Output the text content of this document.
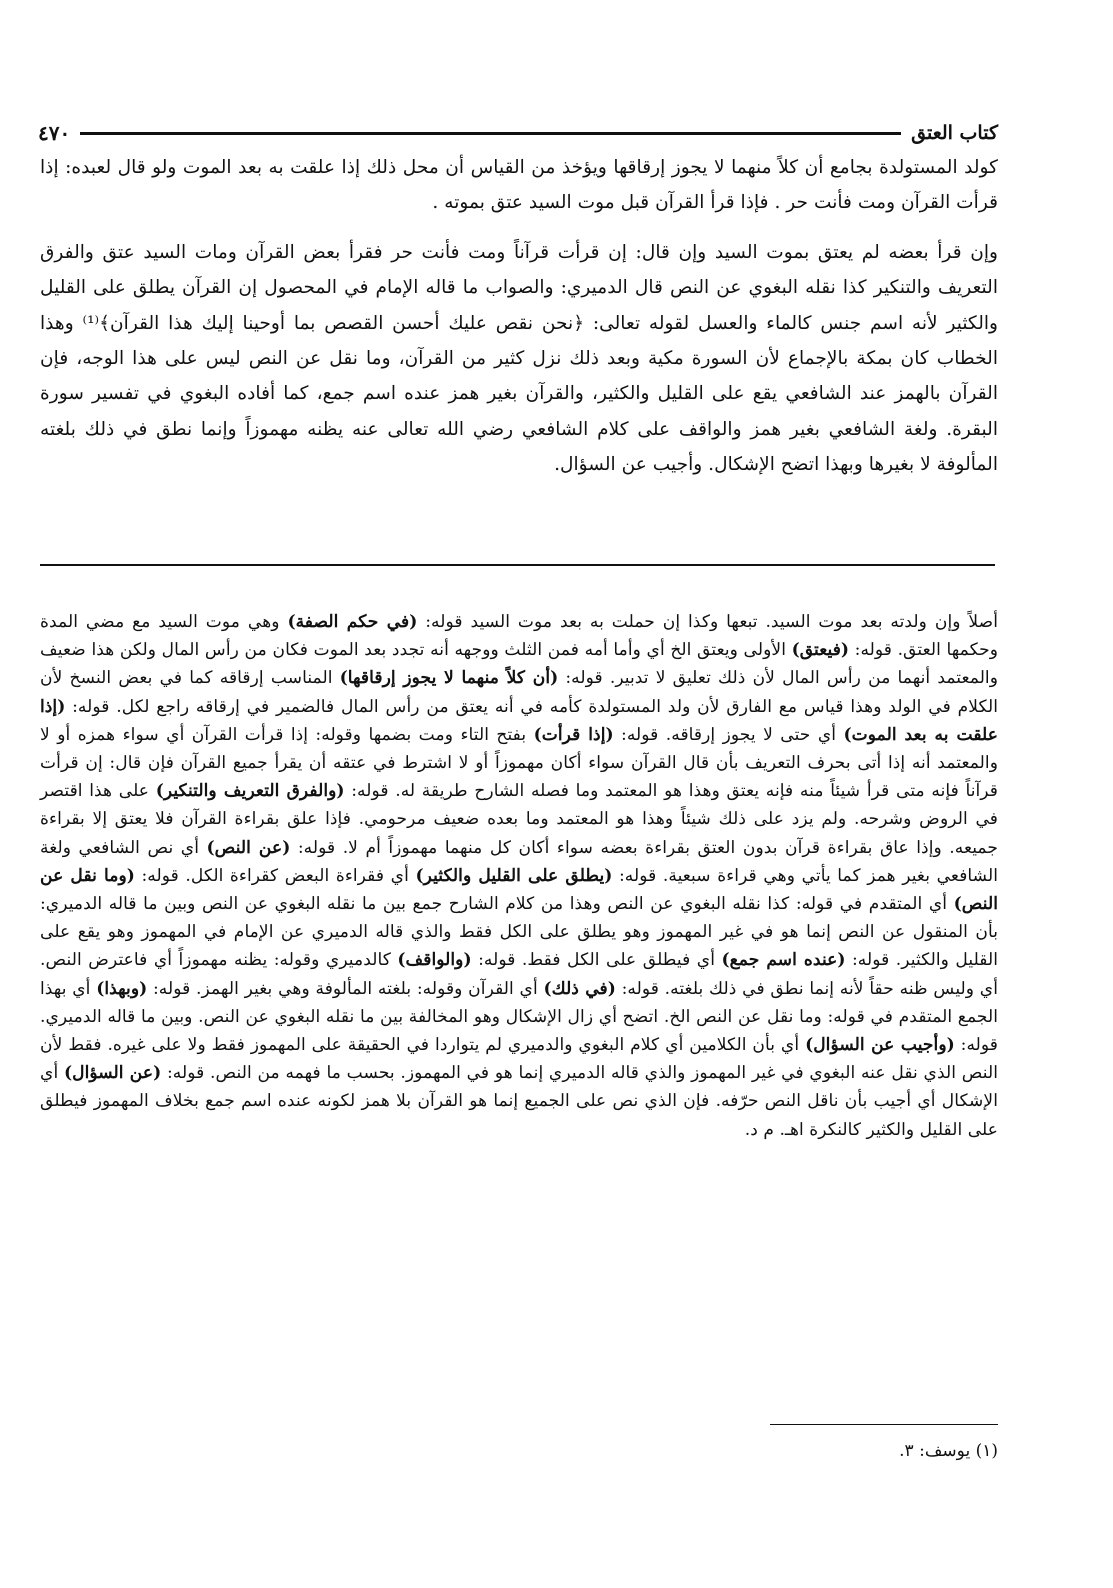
٤٧٠	كتاب العتق

كولد المستولدة بجامع أن كلاً منهما لا يجوز إرقاقها ويؤخذ من القياس أن محل ذلك إذا علقت به بعد الموت ولو قال لعبده: إذا قرأت القرآن ومت فأنت حر . فإذا قرأ القرآن قبل موت السيد عتق بموته .

وإن قرأ بعضه لم يعتق بموت السيد وإن قال: إن قرأت قرآناً ومت فأنت حر فقرأ بعض القرآن ومات السيد عتق والفرق التعريف والتنكير كذا نقله البغوي عن النص قال الدميري: والصواب ما قاله الإمام في المحصول إن القرآن يطلق على القليل والكثير لأنه اسم جنس كالماء والعسل لقوله تعالى: ﴿نحن نقص عليك أحسن القصص بما أوحينا إليك هذا القرآن﴾⁽¹⁾ وهذا الخطاب كان بمكة بالإجماع لأن السورة مكية وبعد ذلك نزل كثير من القرآن، وما نقل عن النص ليس على هذا الوجه، فإن القرآن بالهمز عند الشافعي يقع على القليل والكثير، والقرآن بغير همز عنده اسم جمع، كما أفاده البغوي في تفسير سورة البقرة. ولغة الشافعي بغير همز والواقف على كلام الشافعي رضي الله تعالى عنه يظنه مهموزاً وإنما نطق في ذلك بلغته المألوفة لا بغيرها وبهذا اتضح الإشكال. وأجيب عن السؤال.

أصلاً وإن ولدته بعد موت السيد. تبعها وكذا إن حملت به بعد موت السيد قوله: (في حكم الصفة) وهي موت السيد مع مضي المدة وحكمها العتق. قوله: (فيعتق) الأولى ويعتق الخ أي وأما أمه فمن الثلث ووجهه أنه تجدد بعد الموت فكان من رأس المال ولكن هذا ضعيف والمعتمد أنهما من رأس المال لأن ذلك تعليق لا تدبير. قوله: (أن كلاً منهما لا يجوز إرقاقها) المناسب إرقاقه كما في بعض النسخ لأن الكلام في الولد وهذا قياس مع الفارق لأن ولد المستولدة كأمه في أنه يعتق من رأس المال فالضمير في إرقاقه راجع لكل. قوله: (إذا علقت به بعد الموت) أي حتى لا يجوز إرقاقه. قوله: (إذا قرأت) بفتح التاء ومت بضمها وقوله: إذا قرأت القرآن أي سواء همزه أو لا والمعتمد أنه إذا أتى بحرف التعريف بأن قال القرآن سواء أكان مهموزاً أو لا اشترط في عتقه أن يقرأ جميع القرآن فإن قال: إن قرأت قرآناً فإنه متى قرأ شيئاً منه فإنه يعتق وهذا هو المعتمد وما فصله الشارح طريقة له. قوله: (والفرق التعريف والتنكير) على هذا اقتصر في الروض وشرحه. ولم يزد على ذلك شيئاً وهذا هو المعتمد وما بعده ضعيف مرحومي. فإذا علق بقراءة القرآن فلا يعتق إلا بقراءة جميعه. وإذا عاق بقراءة قرآن بدون العتق بقراءة بعضه سواء أكان كل منهما مهموزاً أم لا. قوله: (عن النص) أي نص الشافعي ولغة الشافعي بغير همز كما يأتي وهي قراءة سبعية. قوله: (يطلق على القليل والكثير) أي فقراءة البعض كقراءة الكل. قوله: (وما نقل عن النص) أي المتقدم في قوله: كذا نقله البغوي عن النص وهذا من كلام الشارح جمع بين ما نقله البغوي عن النص وبين ما قاله الدميري: بأن المنقول عن النص إنما هو في غير المهموز وهو يطلق على الكل فقط والذي قاله الدميري عن الإمام في المهموز وهو يقع على القليل والكثير. قوله: (عنده اسم جمع) أي فيطلق على الكل فقط. قوله: (والواقف) كالدميري وقوله: يظنه مهموزاً أي فاعترض النص. أي وليس ظنه حقاً لأنه إنما نطق في ذلك بلغته. قوله: (في ذلك) أي القرآن وقوله: بلغته المألوفة وهي بغير الهمز. قوله: (وبهذا) أي بهذا الجمع المتقدم في قوله: وما نقل عن النص الخ. اتضح أي زال الإشكال وهو المخالفة بين ما نقله البغوي عن النص. وبين ما قاله الدميري. قوله: (وأجيب عن السؤال) أي بأن الكلامين أي كلام البغوي والدميري لم يتواردا في الحقيقة على المهموز فقط ولا على غيره. فقط لأن النص الذي نقل عنه البغوي في غير المهموز والذي قاله الدميري إنما هو في المهموز. بحسب ما فهمه من النص. قوله: (عن السؤال) أي الإشكال أي أجيب بأن ناقل النص حرّفه. فإن الذي نص على الجميع إنما هو القرآن بلا همز لكونه عنده اسم جمع بخلاف المهموز فيطلق على القليل والكثير كالنكرة اهـ. م د.

(١) يوسف: ٣.
